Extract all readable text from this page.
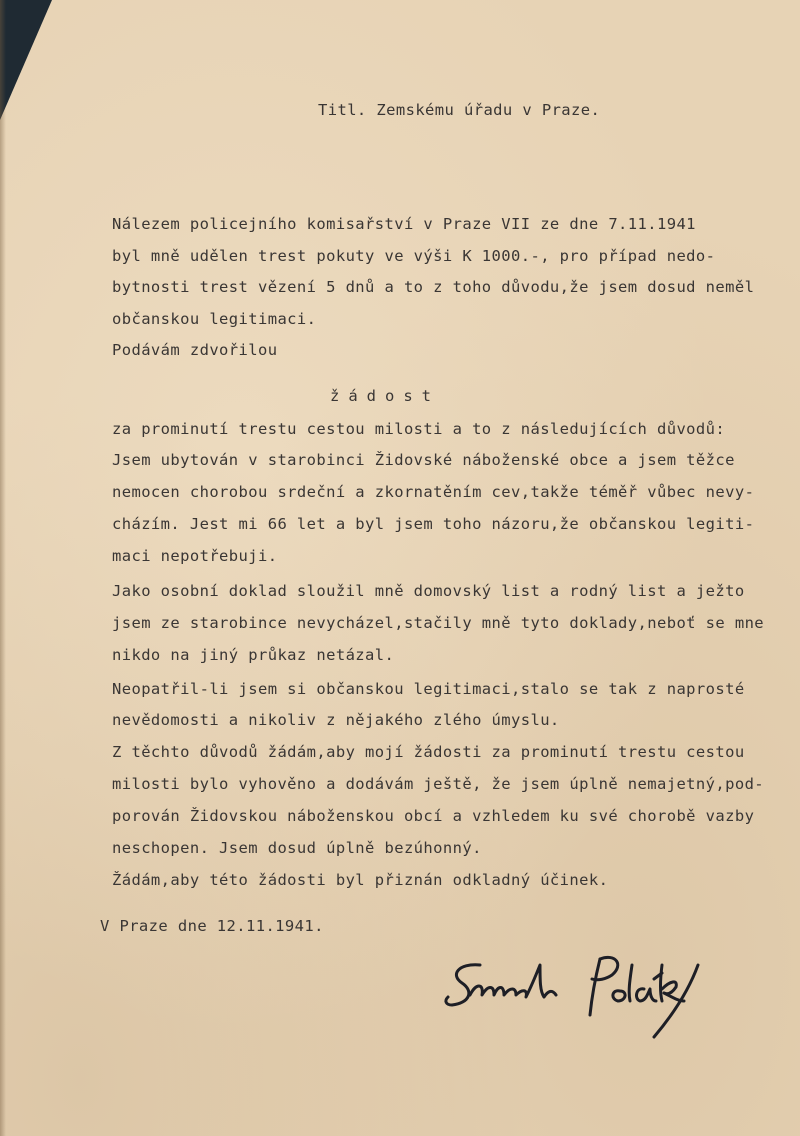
Titl. Zemskému úřadu v Praze.
Nálezem policejního komisařství v Praze VII ze dne 7.11.1941
byl mně udělen trest pokuty ve výši K 1000.-, pro případ nedo-
bytnosti trest vězení 5 dnů a to z toho důvodu,že jsem dosud neměl
občanskou legitimaci.
Podávám zdvořilou
žádost
za prominutí trestu cestou milosti a to z následujících důvodů:
Jsem ubytován v starobinci Židovské náboženské obce a jsem těžce
nemocen chorobou srdeční a zkornatěním cev,takže téměř vůbec nevy-
cházím. Jest mi 66 let a byl jsem toho názoru,že občanskou legiti-
maci nepotřebuji.
Jako osobní doklad sloužil mně domovský list a rodný list a ježto
jsem ze starobince nevycházel,stačily mně tyto doklady,neboť se mne
nikdo na jiný průkaz netázal.
Neopatřil-li jsem si občanskou legitimaci,stalo se tak z naprosté
nevědomosti a nikoliv z nějakého zlého úmyslu.
Z těchto důvodů žádám,aby mojí žádosti za prominutí trestu cestou
milosti bylo vyhověno a dodávám ještě, že jsem úplně nemajetný,pod-
porován Židovskou náboženskou obcí a vzhledem ku své chorobě vazby
neschopen. Jsem dosud úplně bezúhonný.
Žádám,aby této žádosti byl přiznán odkladný účinek.
V Praze dne 12.11.1941.
